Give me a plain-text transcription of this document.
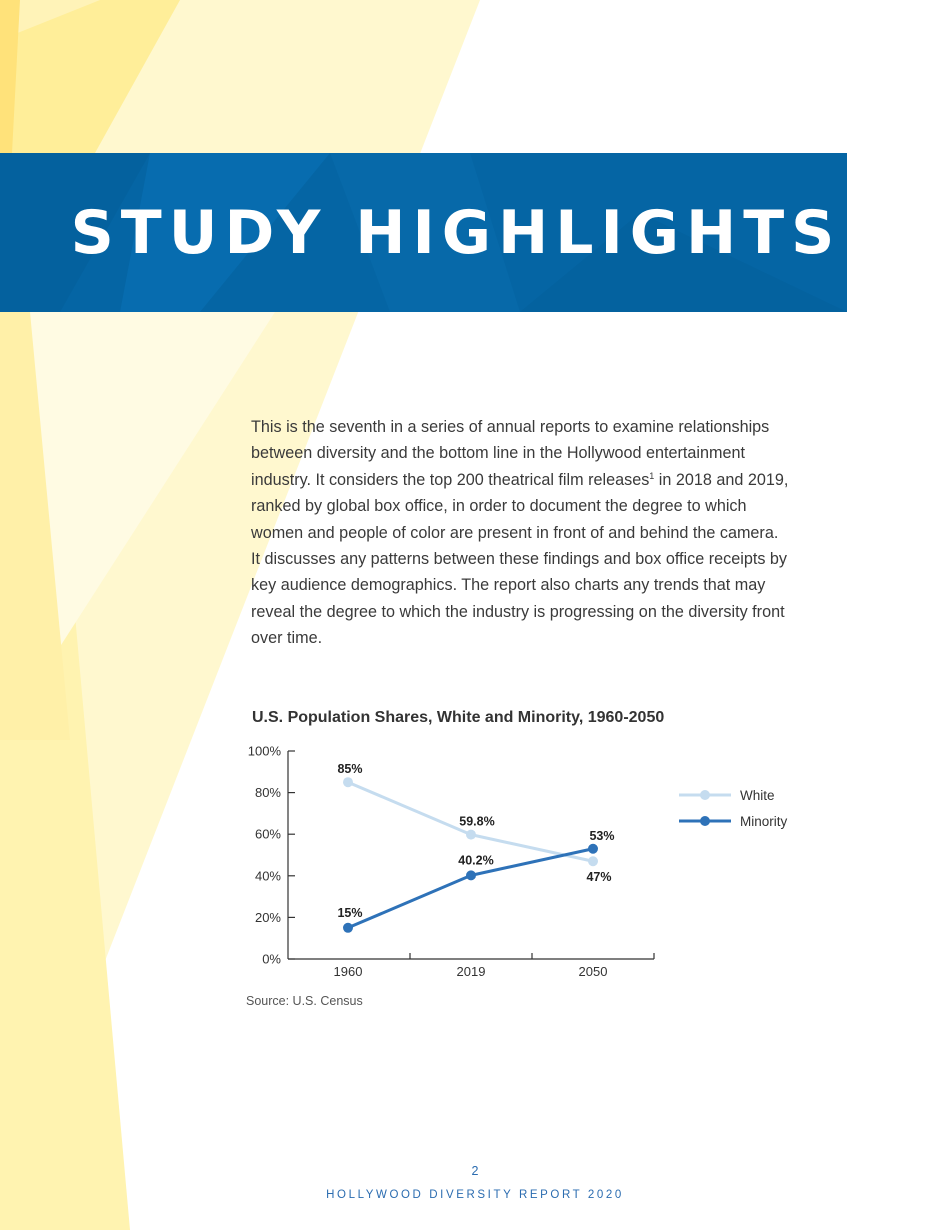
STUDY HIGHLIGHTS

This is the seventh in a series of annual reports to examine relationships between diversity and the bottom line in the Hollywood entertainment industry. It considers the top 200 theatrical film releases$^1$ in 2018 and 2019, ranked by global box office, in order to document the degree to which women and people of color are present in front of and behind the camera. It discusses any patterns between these findings and box office receipts by key audience demographics. The report also charts any trends that may reveal the degree to which the industry is progressing on the diversity front over time.

U.S. Population Shares, White and Minority, 1960-2050
0%
20%
40%
60%
80%
100%
1960	2019	2050
85%
59.8%
47%
15%
40.2%
53%
White
Minority
Source: U.S. Census
2
HOLLYWOOD DIVERSITY REPORT 2020
